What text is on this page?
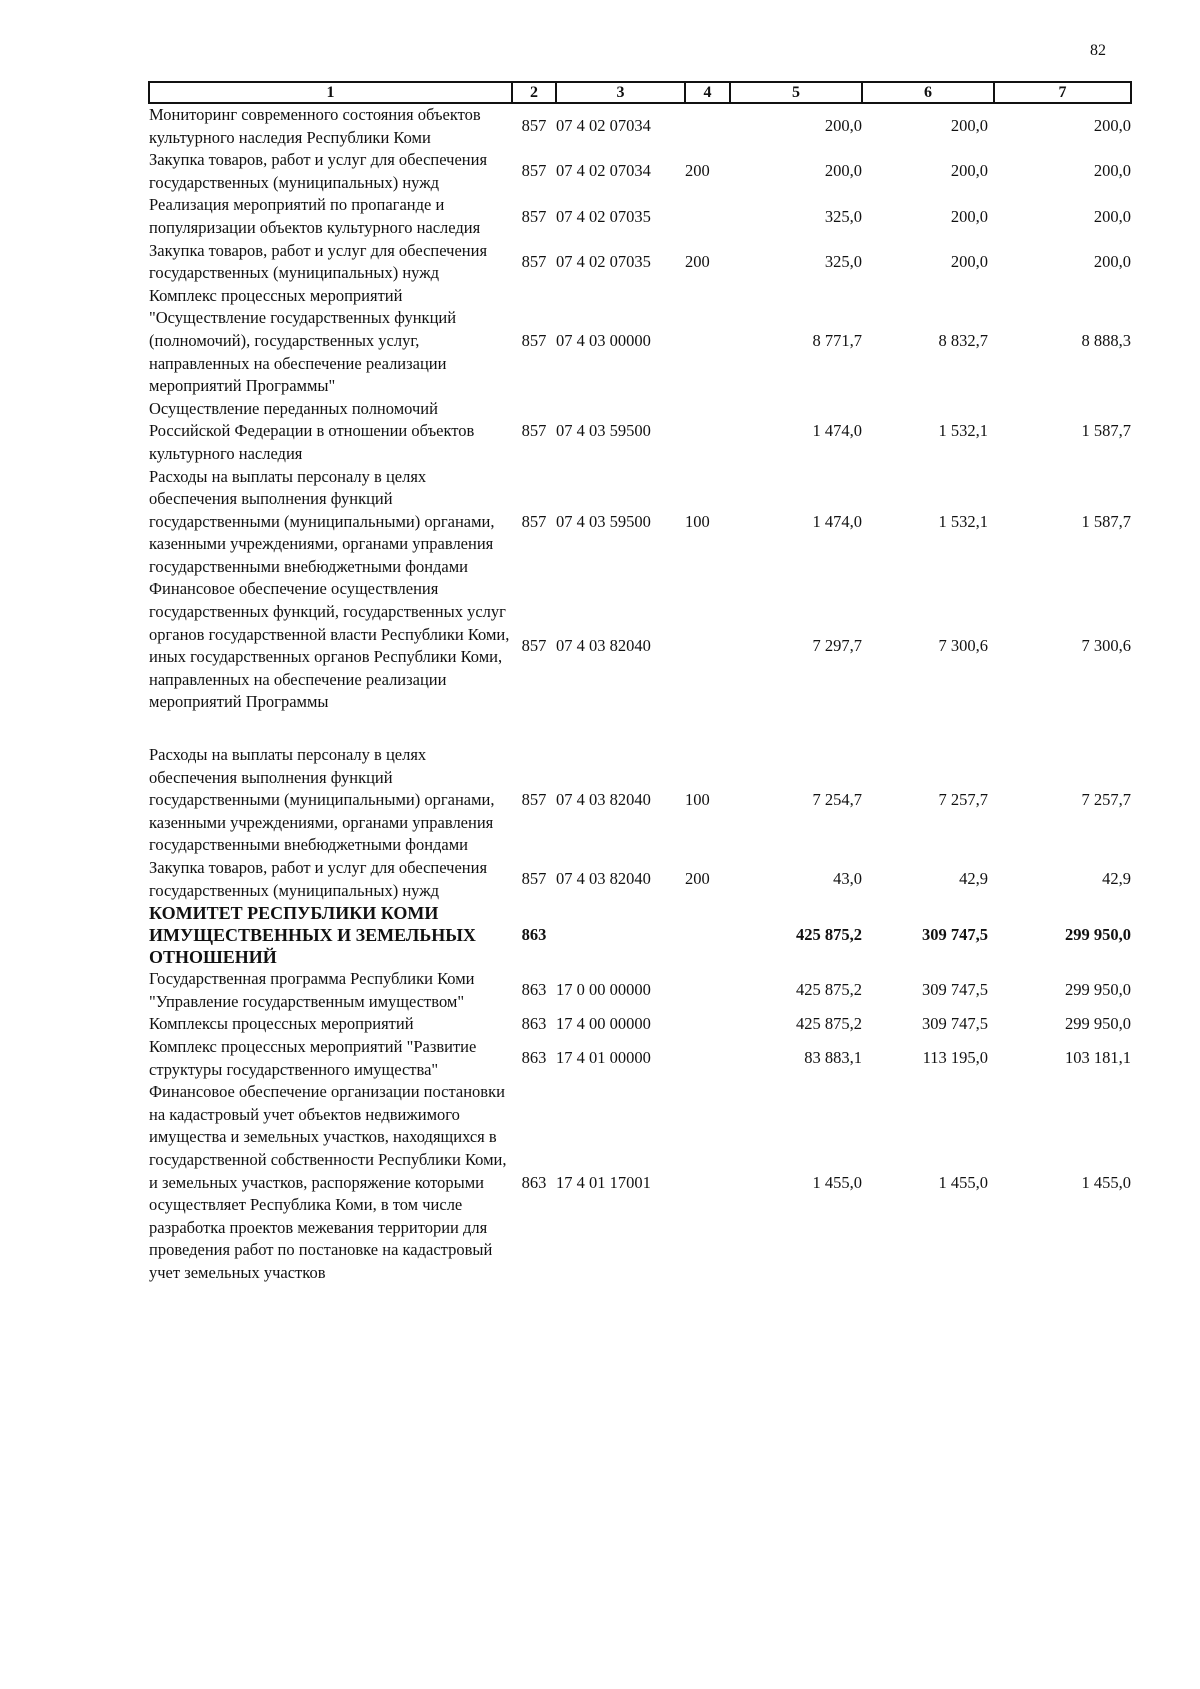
82
1	2	3	4	5	6	7
Мониторинг современного состояния объектов культурного наследия Республики Коми	857	07 4 02 07034		200,0	200,0	200,0
Закупка товаров, работ и услуг для обеспечения государственных (муниципальных) нужд	857	07 4 02 07034	200	200,0	200,0	200,0
Реализация мероприятий по пропаганде и популяризации объектов культурного наследия	857	07 4 02 07035		325,0	200,0	200,0
Закупка товаров, работ и услуг для обеспечения государственных (муниципальных) нужд	857	07 4 02 07035	200	325,0	200,0	200,0
Комплекс процессных мероприятий "Осуществление государственных функций (полномочий), государственных услуг, направленных на обеспечение реализации мероприятий Программы"	857	07 4 03 00000		8 771,7	8 832,7	8 888,3
Осуществление переданных полномочий Российской Федерации в отношении объектов культурного наследия	857	07 4 03 59500		1 474,0	1 532,1	1 587,7
Расходы на выплаты персоналу в целях обеспечения выполнения функций государственными (муниципальными) органами, казенными учреждениями, органами управления государственными внебюджетными фондами	857	07 4 03 59500	100	1 474,0	1 532,1	1 587,7
Финансовое обеспечение осуществления государственных функций, государственных услуг органов государственной власти Республики Коми, иных государственных органов Республики Коми, направленных на обеспечение реализации мероприятий Программы	857	07 4 03 82040		7 297,7	7 300,6	7 300,6

Расходы на выплаты персоналу в целях обеспечения выполнения функций государственными (муниципальными) органами, казенными учреждениями, органами управления государственными внебюджетными фондами	857	07 4 03 82040	100	7 254,7	7 257,7	7 257,7
Закупка товаров, работ и услуг для обеспечения государственных (муниципальных) нужд	857	07 4 03 82040	200	43,0	42,9	42,9
КОМИТЕТ РЕСПУБЛИКИ КОМИ ИМУЩЕСТВЕННЫХ И ЗЕМЕЛЬНЫХ ОТНОШЕНИЙ	863			425 875,2	309 747,5	299 950,0
Государственная программа Республики Коми "Управление государственным имуществом"	863	17 0 00 00000		425 875,2	309 747,5	299 950,0
Комплексы процессных мероприятий	863	17 4 00 00000		425 875,2	309 747,5	299 950,0
Комплекс процессных мероприятий "Развитие структуры государственного имущества"	863	17 4 01 00000		83 883,1	113 195,0	103 181,1
Финансовое обеспечение организации постановки на кадастровый учет объектов недвижимого имущества и земельных участков, находящихся в государственной собственности Республики Коми, и земельных участков, распоряжение которыми осуществляет Республика Коми, в том числе разработка проектов межевания территории для проведения работ по постановке на кадастровый учет земельных участков	863	17 4 01 17001		1 455,0	1 455,0	1 455,0
